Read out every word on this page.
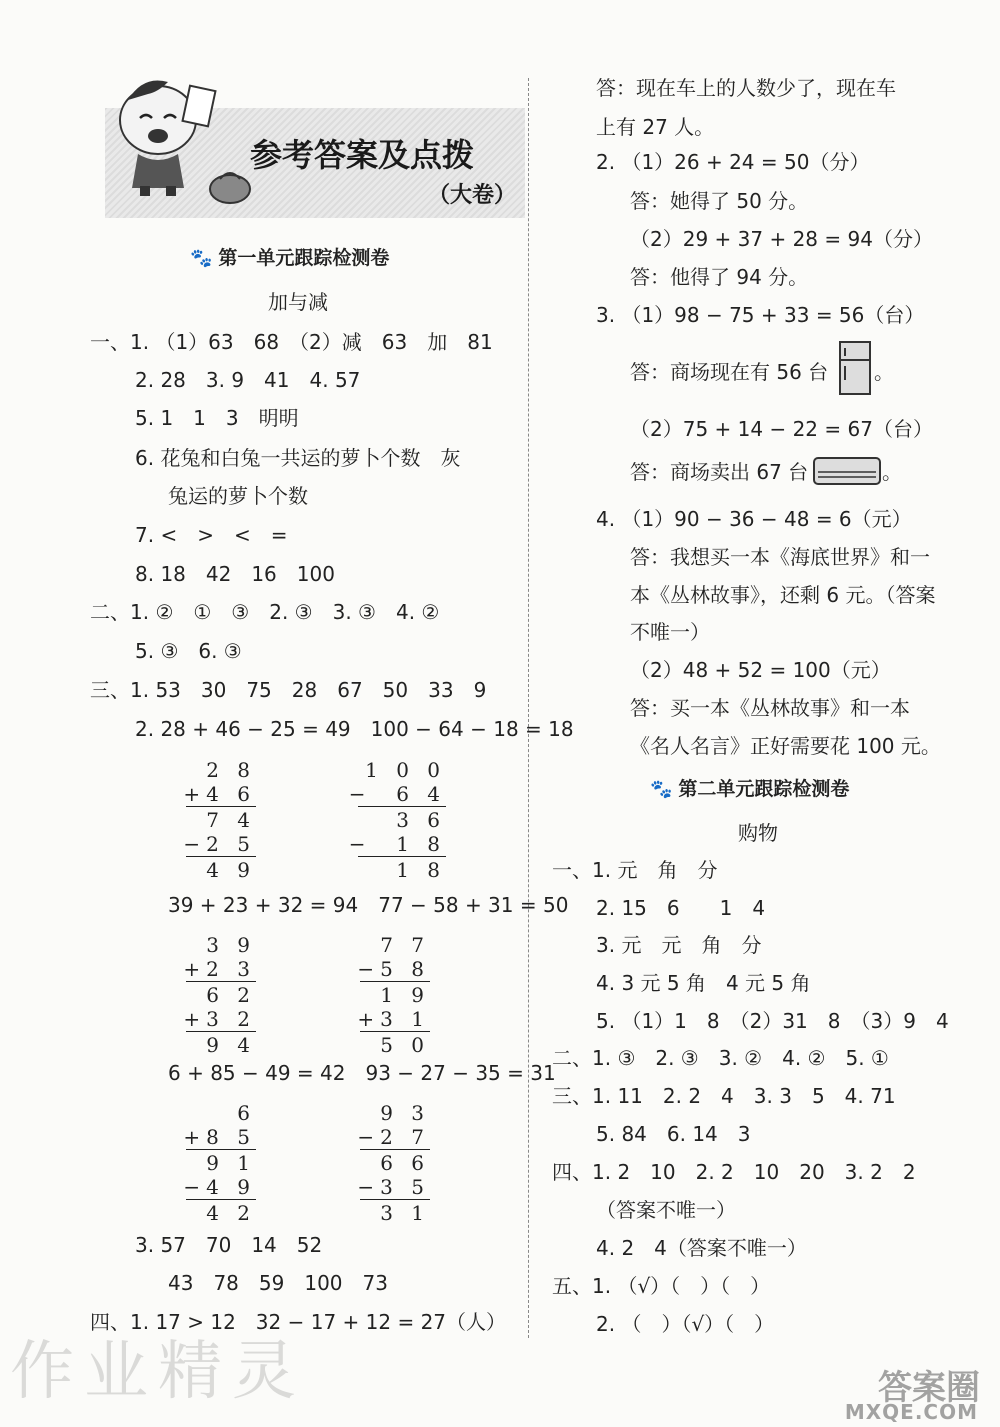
参考答案及点拨
（大卷）
🐾 第一单元跟踪检测卷
加与减
一、1. （1）63　68　（2）减　63　加　81
2. 28　3. 9　41　4. 57
5. 1　1　3　明明
6. 花兔和白兔一共运的萝卜个数　灰
兔运的萝卜个数
7. <　>　<　=
8. 18　42　16　100
二、1. ②　①　③　2. ③　3. ③　4. ②
5. ③　6. ③
三、1. 53　30　75　28　67　50　33　9
2. 28 + 46 − 25 = 49　100 − 64 − 18 = 18
2 8
+4 6
7 4
−2 5
4 9
1 0 0
−  6 4
3 6
−  1 8
1 8
39 + 23 + 32 = 94　77 − 58 + 31 = 50
3 9
+2 3
6 2
+3 2
9 4
7 7
−5 8
1 9
+3 1
5 0
6 + 85 − 49 = 42　93 − 27 − 35 = 31
6
+8 5
9 1
−4 9
4 2
9 3
−2 7
6 6
−3 5
3 1
3. 57　70　14　52
43　78　59　100　73
四、1. 17 > 12　32 − 17 + 12 = 27（人）
答：现在车上的人数少了，现在车
上有 27 人。
2. （1）26 + 24 = 50（分）
答：她得了 50 分。
（2）29 + 37 + 28 = 94（分）
答：他得了 94 分。
3. （1）98 − 75 + 33 = 56（台）
答：商场现在有 56 台 。
（2）75 + 14 − 22 = 67（台）
答：商场卖出 67 台	。
4. （1）90 − 36 − 48 = 6（元）
答：我想买一本《海底世界》和一
本《丛林故事》，还剩 6 元。（答案
不唯一）
（2）48 + 52 = 100（元）
答：买一本《丛林故事》和一本
《名人名言》正好需要花 100 元。
🐾 第二单元跟踪检测卷
购物
一、1. 元　角　分
2. 15　6　　1　4
3. 元　元　角　分
4. 3 元 5 角　4 元 5 角
5. （1）1　8　（2）31　8　（3）9　4
二、1. ③　2. ③　3. ②　4. ②　5. ①
三、1. 11　2. 2　4　3. 3　5　4. 71
5. 84　6. 14　3
四、1. 2　10　2. 2　10　20　3. 2　2
（答案不唯一）
4. 2　4（答案不唯一）
五、1. （√）（　）（　）
2. （　）（√）（　）
作业精灵	答案圈
MXQE.COM
